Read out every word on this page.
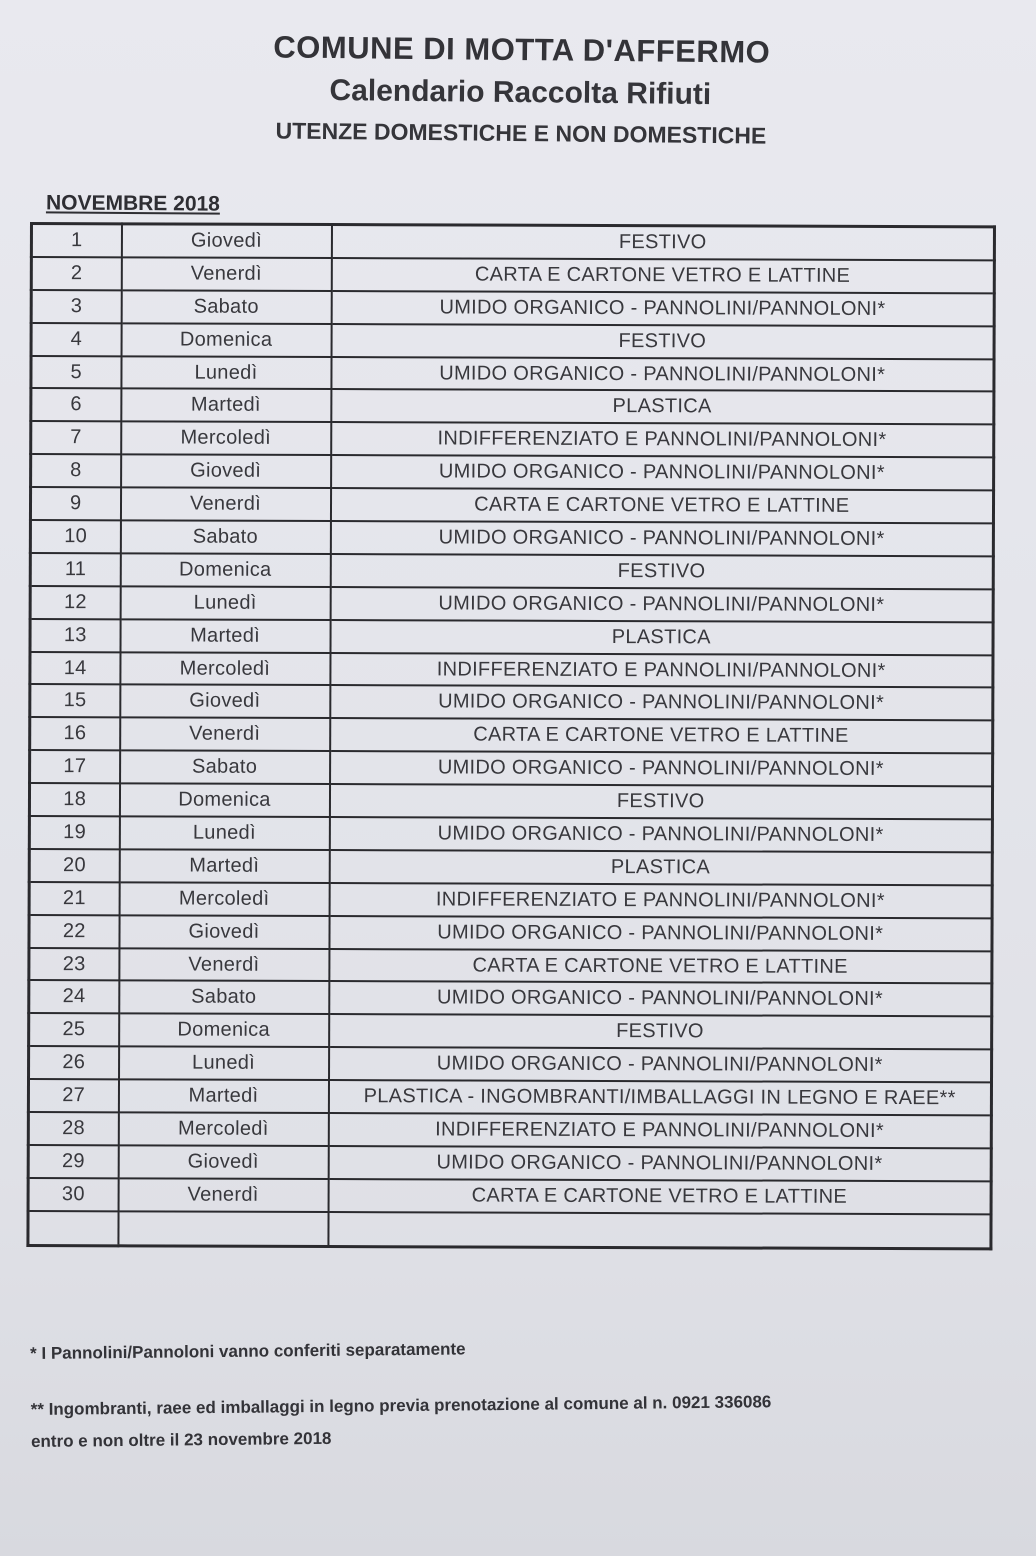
COMUNE DI MOTTA D'AFFERMO
Calendario Raccolta Rifiuti
UTENZE DOMESTICHE E NON DOMESTICHE
NOVEMBRE 2018
1	Giovedì	FESTIVO
2	Venerdì	CARTA E CARTONE VETRO E LATTINE
3	Sabato	UMIDO ORGANICO - PANNOLINI/PANNOLONI*
4	Domenica	FESTIVO
5	Lunedì	UMIDO ORGANICO - PANNOLINI/PANNOLONI*
6	Martedì	PLASTICA
7	Mercoledì	INDIFFERENZIATO E PANNOLINI/PANNOLONI*
8	Giovedì	UMIDO ORGANICO - PANNOLINI/PANNOLONI*
9	Venerdì	CARTA E CARTONE VETRO E LATTINE
10	Sabato	UMIDO ORGANICO - PANNOLINI/PANNOLONI*
11	Domenica	FESTIVO
12	Lunedì	UMIDO ORGANICO - PANNOLINI/PANNOLONI*
13	Martedì	PLASTICA
14	Mercoledì	INDIFFERENZIATO E PANNOLINI/PANNOLONI*
15	Giovedì	UMIDO ORGANICO - PANNOLINI/PANNOLONI*
16	Venerdì	CARTA E CARTONE VETRO E LATTINE
17	Sabato	UMIDO ORGANICO - PANNOLINI/PANNOLONI*
18	Domenica	FESTIVO
19	Lunedì	UMIDO ORGANICO - PANNOLINI/PANNOLONI*
20	Martedì	PLASTICA
21	Mercoledì	INDIFFERENZIATO E PANNOLINI/PANNOLONI*
22	Giovedì	UMIDO ORGANICO - PANNOLINI/PANNOLONI*
23	Venerdì	CARTA E CARTONE VETRO E LATTINE
24	Sabato	UMIDO ORGANICO - PANNOLINI/PANNOLONI*
25	Domenica	FESTIVO
26	Lunedì	UMIDO ORGANICO - PANNOLINI/PANNOLONI*
27	Martedì	PLASTICA - INGOMBRANTI/IMBALLAGGI IN LEGNO E RAEE**
28	Mercoledì	INDIFFERENZIATO E PANNOLINI/PANNOLONI*
29	Giovedì	UMIDO ORGANICO - PANNOLINI/PANNOLONI*
30	Venerdì	CARTA E CARTONE VETRO E LATTINE

* I Pannolini/Pannoloni vanno conferiti separatamente
** Ingombranti, raee ed imballaggi in legno previa prenotazione al comune al n. 0921 336086
entro e non oltre il 23 novembre 2018
